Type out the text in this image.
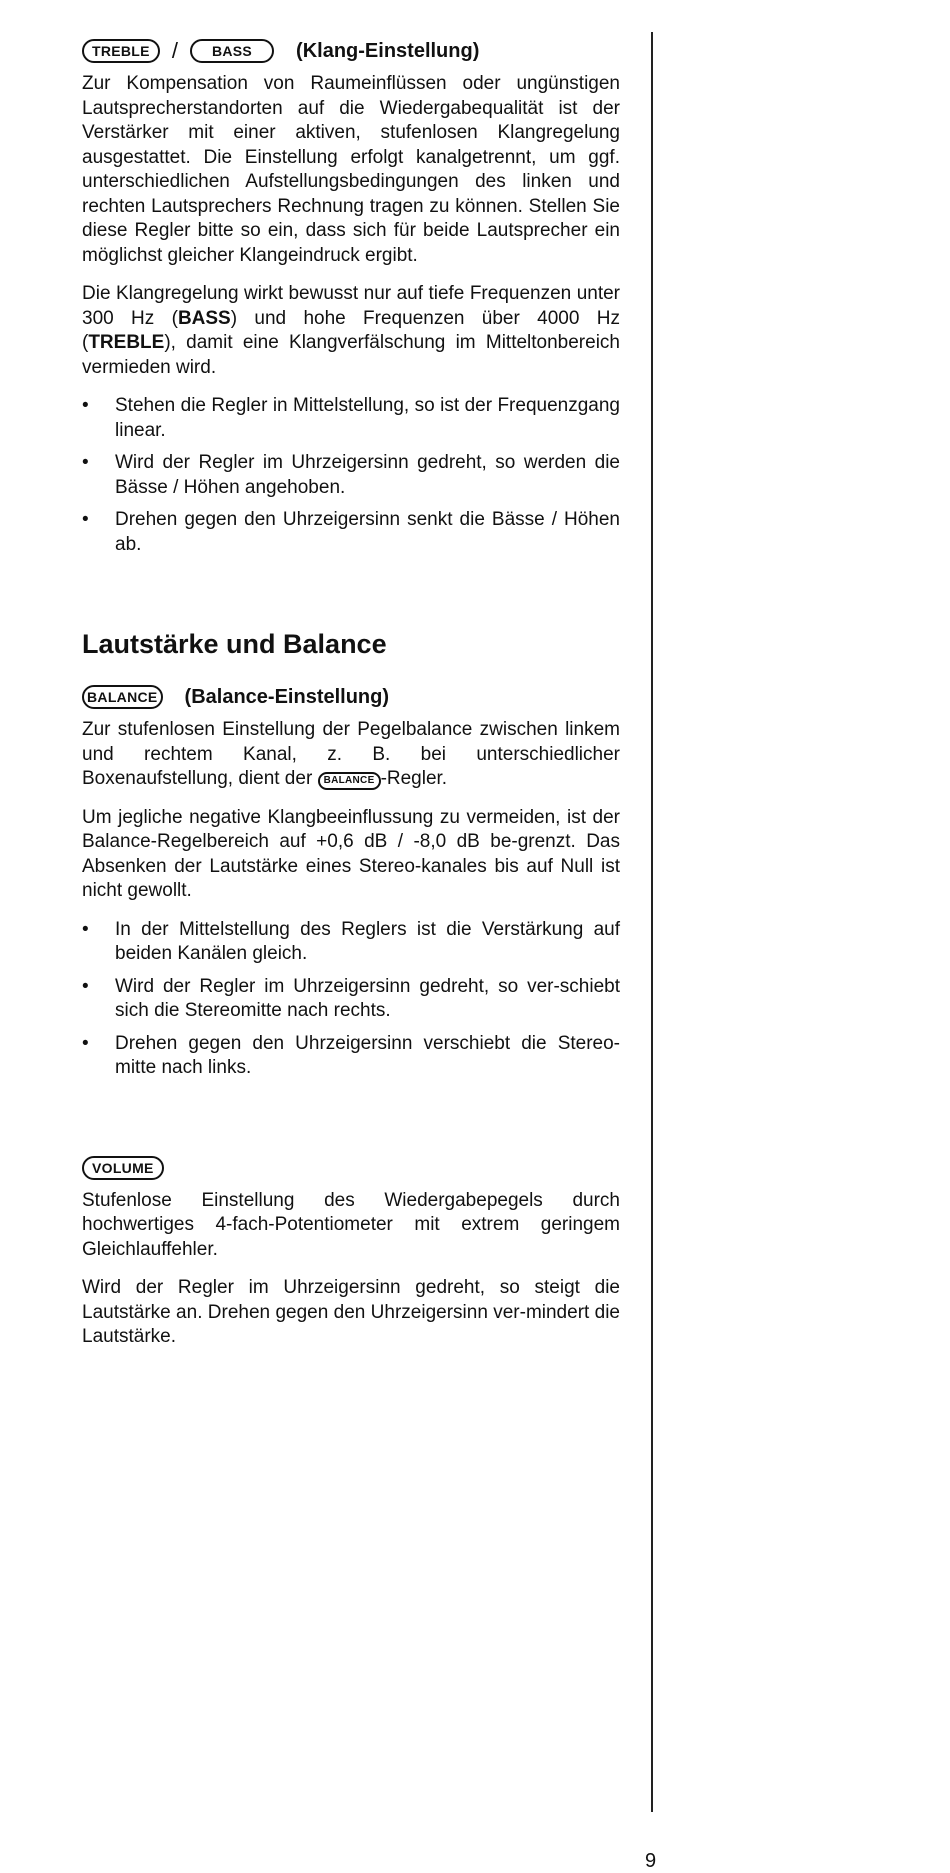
TREBLE	/	BASS	(Klang-Einstellung)

Zur Kompensation von Raumeinflüssen oder ungünstigen Lautsprecherstandorten auf die Wiedergabequalität ist der Verstärker mit einer aktiven, stufenlosen Klangregelung ausgestattet. Die Einstellung erfolgt kanalgetrennt, um ggf. unterschiedlichen Aufstellungsbedingungen des linken und rechten Lautsprechers Rechnung tragen zu können. Stellen Sie diese Regler bitte so ein, dass sich für beide Lautsprecher ein möglichst gleicher Klangeindruck ergibt.

Die Klangregelung wirkt bewusst nur auf tiefe Frequenzen unter 300 Hz (BASS) und hohe Frequenzen über 4000 Hz (TREBLE), damit eine Klangverfälschung im Mitteltonbereich vermieden wird.

• Stehen die Regler in Mittelstellung, so ist der Frequenzgang linear.
• Wird der Regler im Uhrzeigersinn gedreht, so werden die Bässe / Höhen angehoben.
• Drehen gegen den Uhrzeigersinn senkt die Bässe / Höhen ab.
Lautstärke und Balance
BALANCE (Balance-Einstellung)

Zur stufenlosen Einstellung der Pegelbalance zwischen linkem und rechtem Kanal, z. B. bei unterschiedlicher Boxenaufstellung, dient der BALANCE -Regler.

Um jegliche negative Klangbeeinflussung zu vermeiden, ist der Balance-Regelbereich auf +0,6 dB / -8,0 dB be-grenzt. Das Absenken der Lautstärke eines Stereo-kanales bis auf Null ist nicht gewollt.

• In der Mittelstellung des Reglers ist die Verstärkung auf beiden Kanälen gleich.
• Wird der Regler im Uhrzeigersinn gedreht, so ver-schiebt sich die Stereomitte nach rechts.
• Drehen gegen den Uhrzeigersinn verschiebt die Stereo-mitte nach links.
VOLUME

Stufenlose Einstellung des Wiedergabepegels durch hochwertiges 4-fach-Potentiometer mit extrem geringem Gleichlauffehler.

Wird der Regler im Uhrzeigersinn gedreht, so steigt die Lautstärke an. Drehen gegen den Uhrzeigersinn ver-mindert die Lautstärke.

9
